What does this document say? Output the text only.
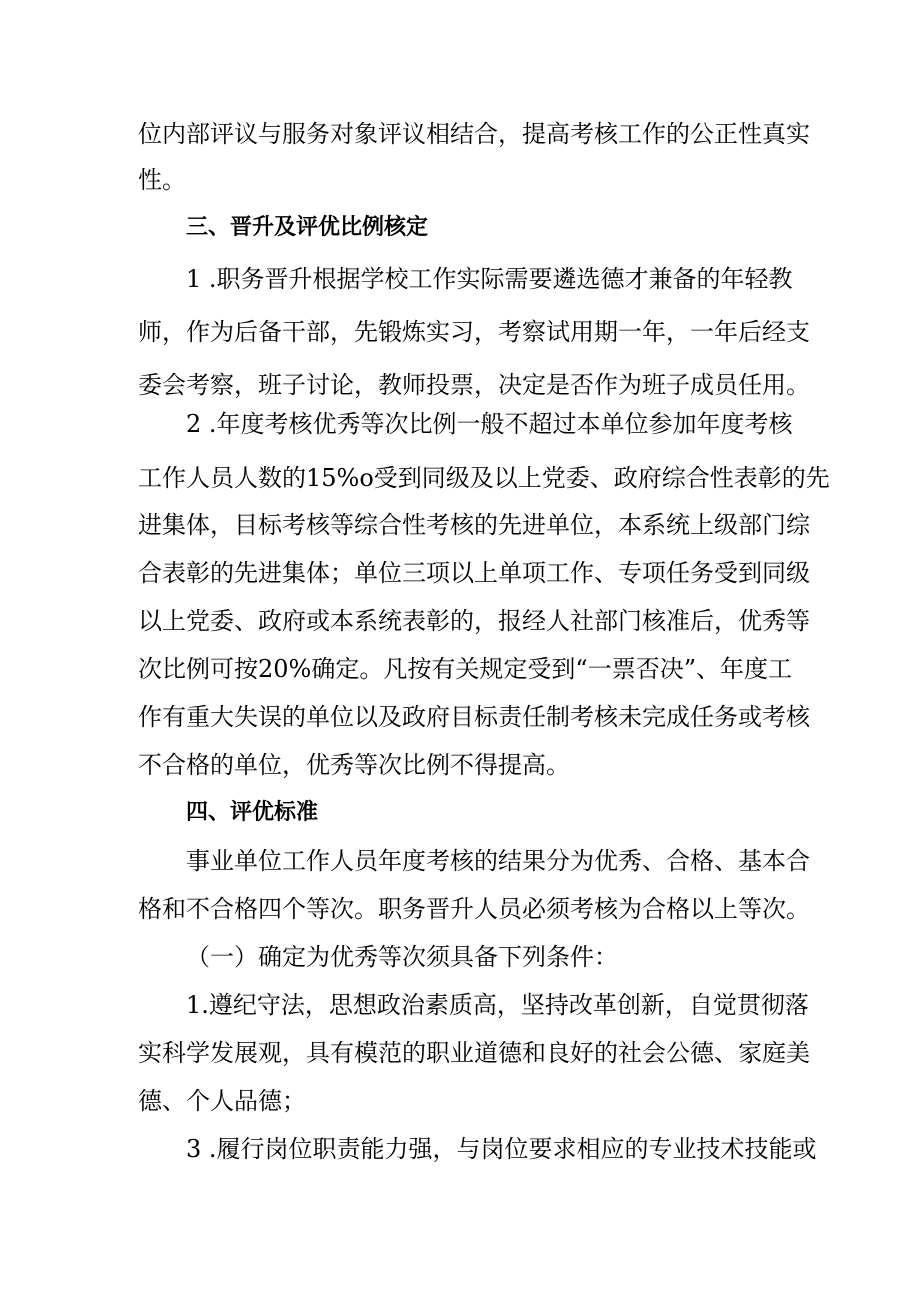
位内部评议与服务对象评议相结合，提高考核工作的公正性真实
性。
三、晋升及评优比例核定
1 .职务晋升根据学校工作实际需要遴选德才兼备的年轻教
师，作为后备干部，先锻炼实习，考察试用期一年，一年后经支
委会考察，班子讨论，教师投票，决定是否作为班子成员任用。
2 .年度考核优秀等次比例一般不超过本单位参加年度考核
工作人员人数的15%o受到同级及以上党委、政府综合性表彰的先
进集体，目标考核等综合性考核的先进单位，本系统上级部门综
合表彰的先进集体；单位三项以上单项工作、专项任务受到同级
以上党委、政府或本系统表彰的，报经人社部门核准后，优秀等
次比例可按20%确定。凡按有关规定受到“一票否决”、年度工
作有重大失误的单位以及政府目标责任制考核未完成任务或考核
不合格的单位，优秀等次比例不得提高。
四、评优标准
事业单位工作人员年度考核的结果分为优秀、合格、基本合
格和不合格四个等次。职务晋升人员必须考核为合格以上等次。
（一）确定为优秀等次须具备下列条件：
1.遵纪守法，思想政治素质高，坚持改革创新，自觉贯彻落
实科学发展观，具有模范的职业道德和良好的社会公德、家庭美
德、个人品德；
3 .履行岗位职责能力强，与岗位要求相应的专业技术技能或
